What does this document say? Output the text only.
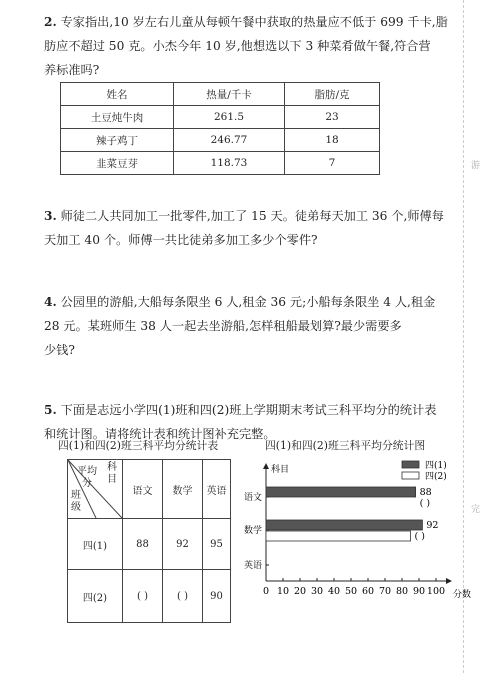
游
完
2. 专家指出,10 岁左右儿童从每顿午餐中获取的热量应不低于 699 千卡,脂
肪应不超过 50 克。小杰今年 10 岁,他想选以下 3 种菜肴做午餐,符合营
养标准吗?
姓名	热量/千卡	脂肪/克
土豆炖牛肉	261.5	23
辣子鸡丁	246.77	18
韭菜豆芽	118.73	7
3. 师徒二人共同加工一批零件,加工了 15 天。徒弟每天加工 36 个,师傅每
天加工 40 个。师傅一共比徒弟多加工多少个零件?
4. 公园里的游船,大船每条限坐 6 人,租金 36 元;小船每条限坐 4 人,租金
28 元。某班师生 38 人一起去坐游船,怎样租船最划算?最少需要多
少钱?
5. 下面是志远小学四(1)班和四(2)班上学期期末考试三科平均分的统计表
和统计图。请将统计表和统计图补充完整。
四(1)和四(2)班三科平均分统计表	四(1)和四(2)班三科平均分统计图
科目
平均分
班级	语文	数学	英语
四(1)	88	92	95
四(2)	( )	( )	90
科目
0 10 20 30 40 50 60 70 80 90 100 分数
四(1)
四(2)
语文	88
( )
数学	92
( )
英语
